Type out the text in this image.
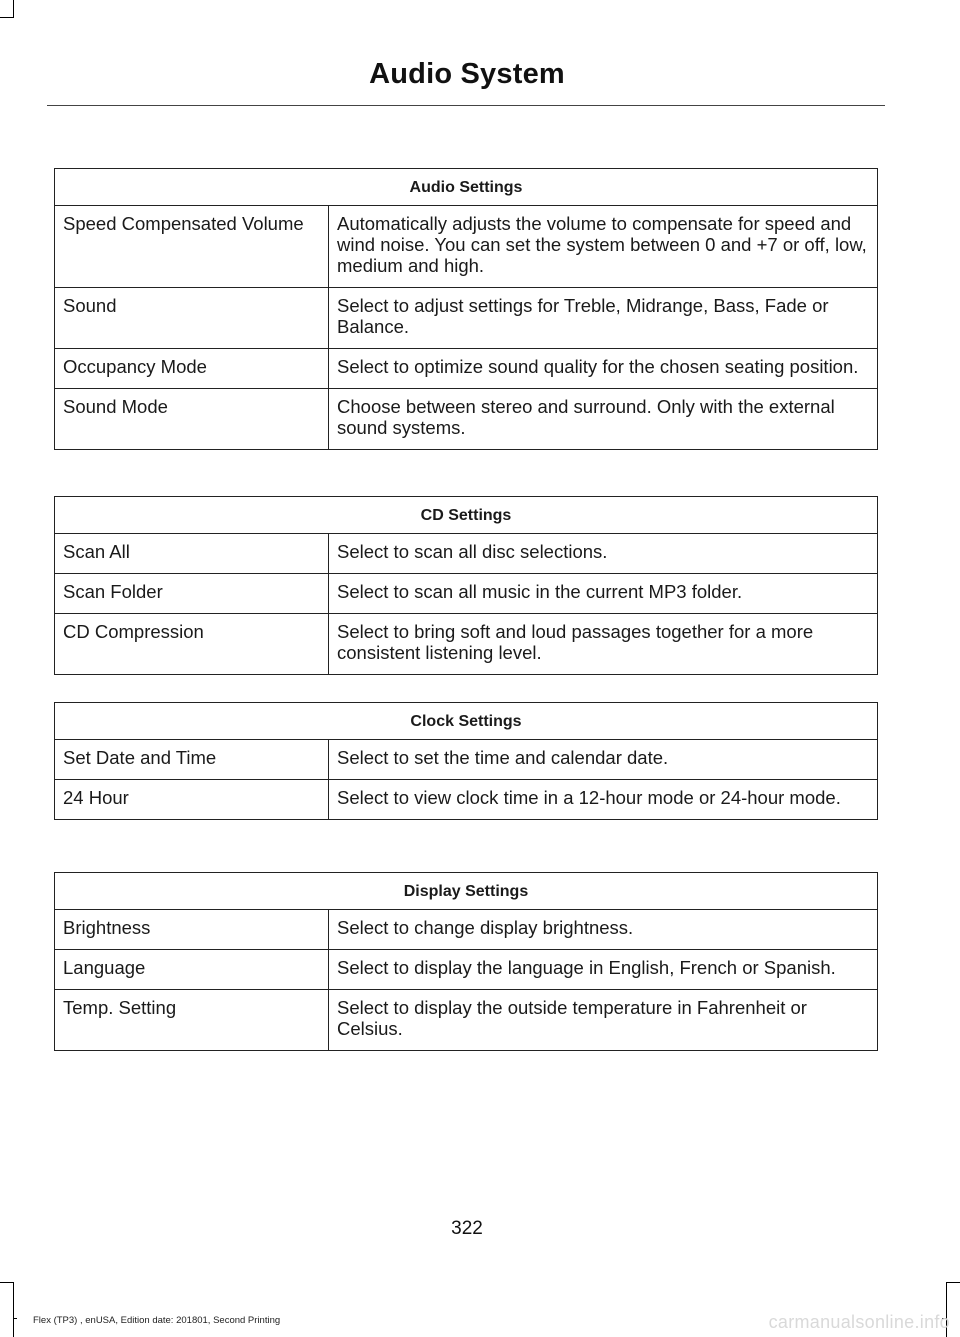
Audio System
Audio Settings	
Speed Compensated Volume	Automatically adjusts the volume to compensate for speed and wind noise. You can set the system between 0 and +7 or off, low, medium and high.
Sound	Select to adjust settings for Treble, Midrange, Bass, Fade or Balance.
Occupancy Mode	Select to optimize sound quality for the chosen seating position.
Sound Mode	Choose between stereo and surround. Only with the external sound systems.
CD Settings	
Scan All	Select to scan all disc selections.
Scan Folder	Select to scan all music in the current MP3 folder.
CD Compression	Select to bring soft and loud passages together for a more consistent listening level.
Clock Settings	
Set Date and Time	Select to set the time and calendar date.
24 Hour	Select to view clock time in a 12-hour mode or 24-hour mode.
Display Settings	
Brightness	Select to change display brightness.
Language	Select to display the language in English, French or Spanish.
Temp. Setting	Select to display the outside temperature in Fahrenheit or Celsius.
322
Flex (TP3) , enUSA, Edition date: 201801, Second Printing	carmanualsonline.info
